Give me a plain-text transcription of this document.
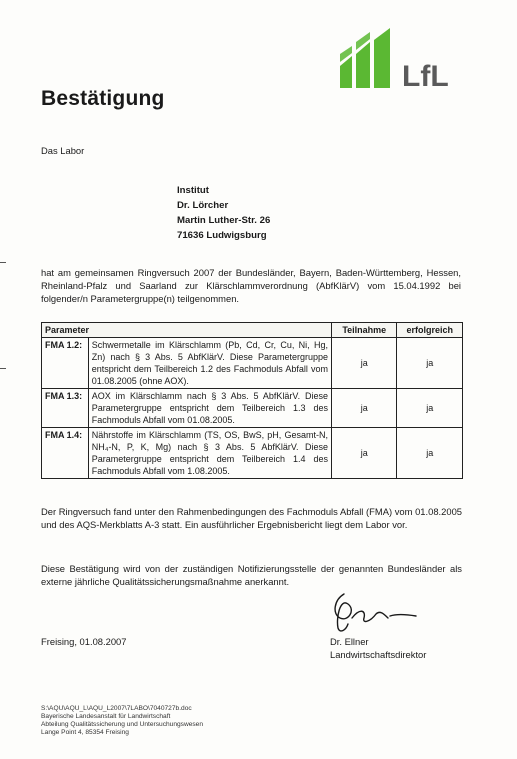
LfL
Bestätigung
Das Labor
Institut
Dr. Lörcher
Martin Luther-Str. 26
71636 Ludwigsburg
hat am gemeinsamen Ringversuch 2007 der Bundesländer, Bayern, Baden-Württemberg, Hessen, Rheinland-Pfalz und Saarland zur Klärschlammverordnung (AbfKlärV) vom 15.04.1992 bei folgender/n Parametergruppe(n) teilgenommen.
Parameter		Teilnahme	erfolgreich
FMA 1.2:	Schwermetalle im Klärschlamm (Pb, Cd, Cr, Cu, Ni, Hg, Zn) nach § 3 Abs. 5 AbfKlärV. Diese Parametergruppe entspricht dem Teilbereich 1.2 des Fachmoduls Abfall vom 01.08.2005 (ohne AOX).	ja	ja
FMA 1.3:	AOX im Klärschlamm nach § 3 Abs. 5 AbfKlärV. Diese Parametergruppe entspricht dem Teilbereich 1.3 des Fachmoduls Abfall vom 01.08.2005.	ja	ja
FMA 1.4:	Nährstoffe im Klärschlamm (TS, OS, BwS, pH, Gesamt-N, NH₄-N, P, K, Mg) nach § 3 Abs. 5 AbfKlärV. Diese Parametergruppe entspricht dem Teilbereich 1.4 des Fachmoduls Abfall vom 1.08.2005.	ja	ja
Der Ringversuch fand unter den Rahmenbedingungen des Fachmoduls Abfall (FMA) vom 01.08.2005 und des AQS-Merkblatts A-3 statt. Ein ausführlicher Ergebnisbericht liegt dem Labor vor.
Diese Bestätigung wird von der zuständigen Notifizierungsstelle der genannten Bundesländer als externe jährliche Qualitätssicherungsmaßnahme anerkannt.
Freising, 01.08.2007	Dr. Ellner
Landwirtschaftsdirektor
S:\AQU\AQU_L\AQU_L2007\7LABO\7040727b.doc
Bayerische Landesanstalt für Landwirtschaft
Abteilung Qualitätssicherung und Untersuchungswesen
Lange Point 4, 85354 Freising
